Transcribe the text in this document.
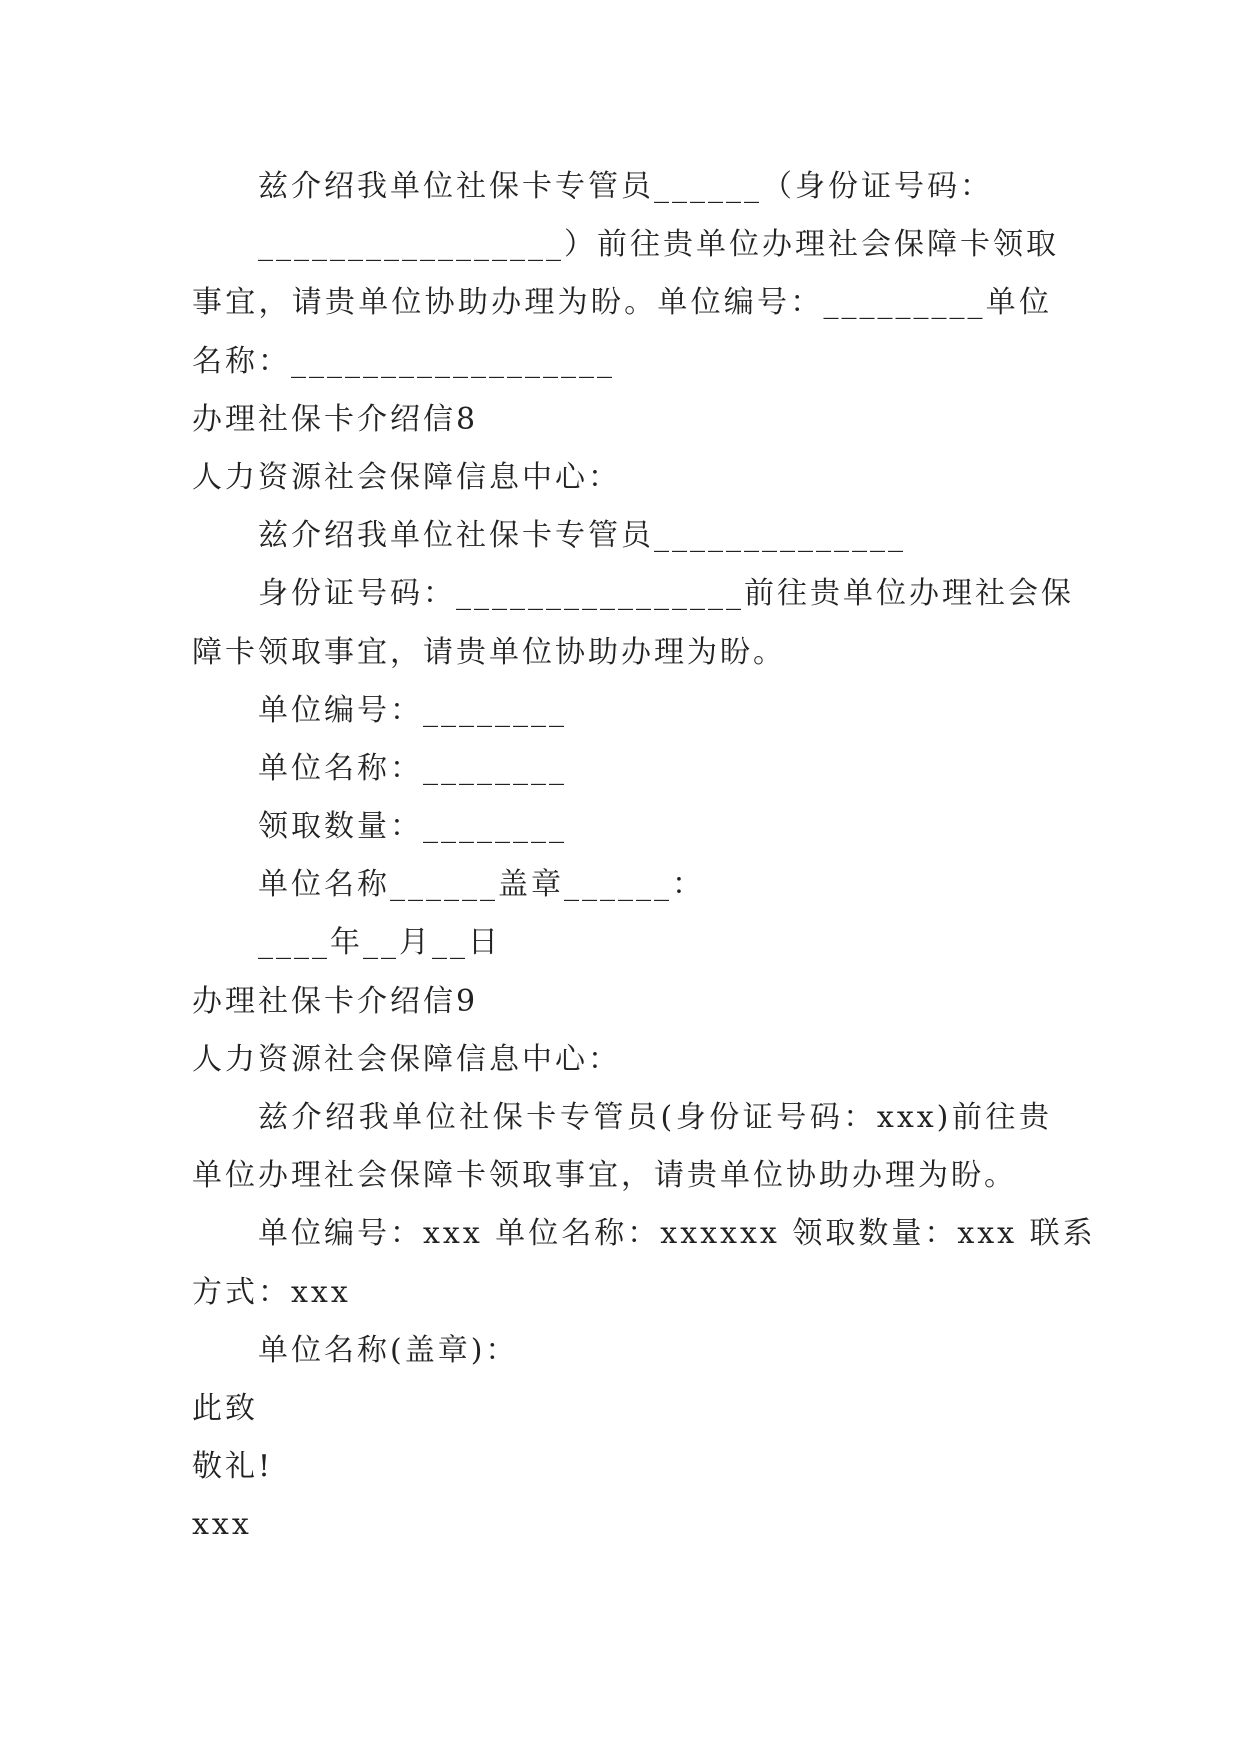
兹介绍我单位社保卡专管员______（身份证号码：
_________________）前往贵单位办理社会保障卡领取
事宜，请贵单位协助办理为盼。单位编号：_________单位
名称：__________________
办理社保卡介绍信8
人力资源社会保障信息中心：
兹介绍我单位社保卡专管员______________
身份证号码：________________前往贵单位办理社会保
障卡领取事宜，请贵单位协助办理为盼。
单位编号：________
单位名称：________
领取数量：________
单位名称______盖章______：
____年__月__日
办理社保卡介绍信9
人力资源社会保障信息中心：
兹介绍我单位社保卡专管员(身份证号码：xxx)前往贵
单位办理社会保障卡领取事宜，请贵单位协助办理为盼。
单位编号：xxx 单位名称：xxxxxx 领取数量：xxx 联系
方式：xxx
单位名称(盖章)：
此致
敬礼!
xxx
